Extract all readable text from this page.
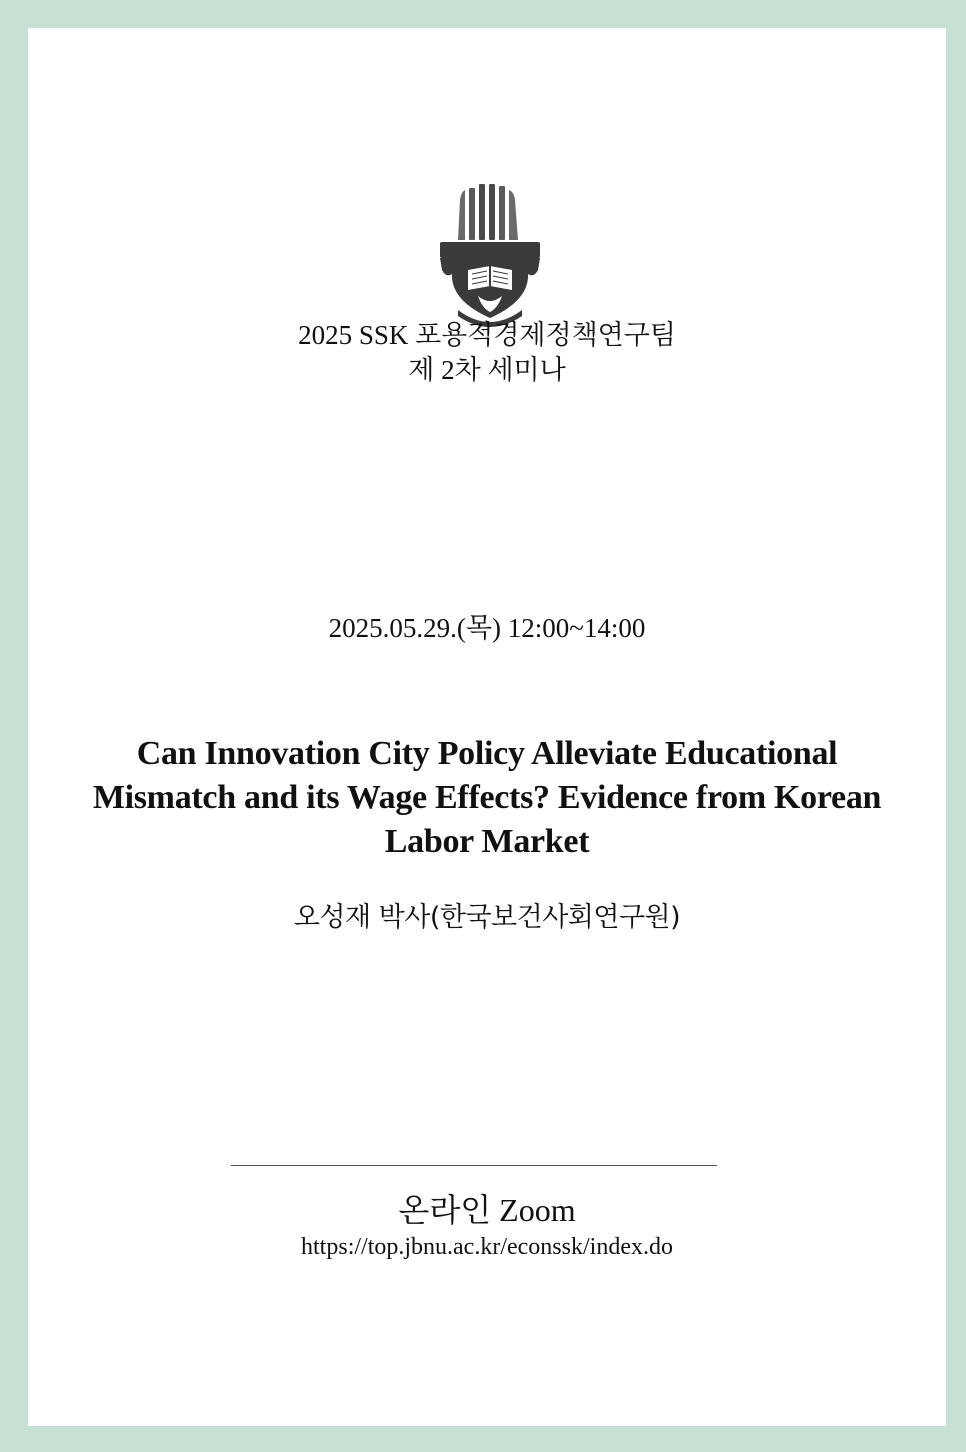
2025 SSK 포용적경제정책연구팀
제 2차 세미나
2025.05.29.(목) 12:00~14:00
Can Innovation City Policy Alleviate Educational
Mismatch and its Wage Effects? Evidence from Korean
Labor Market
오성재 박사(한국보건사회연구원)
온라인 Zoom
https://top.jbnu.ac.kr/econssk/index.do
